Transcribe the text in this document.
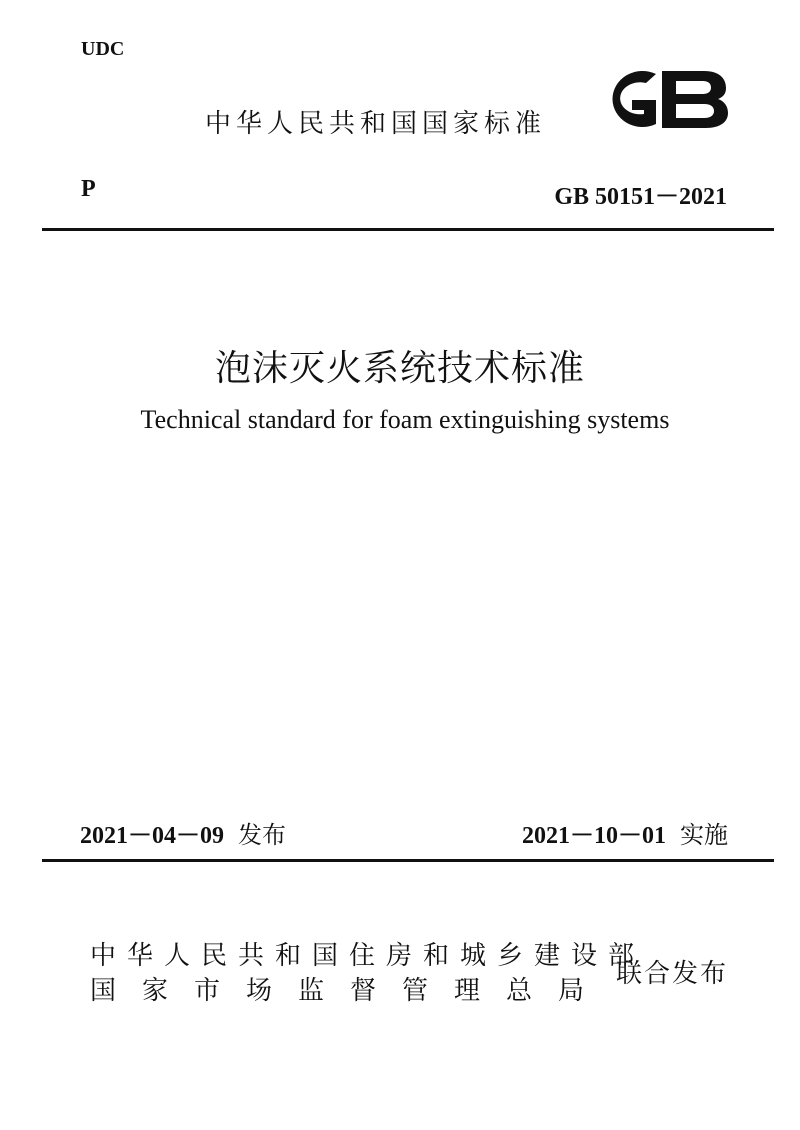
UDC
中华人民共和国国家标准
P	GB 50151－2021
泡沫灭火系统技术标准
Technical standard for foam extinguishing systems
2021－04－09 发布	2021－10－01 实施
中华人民共和国住房和城乡建设部
国家市场监督管理总局
联合发布
